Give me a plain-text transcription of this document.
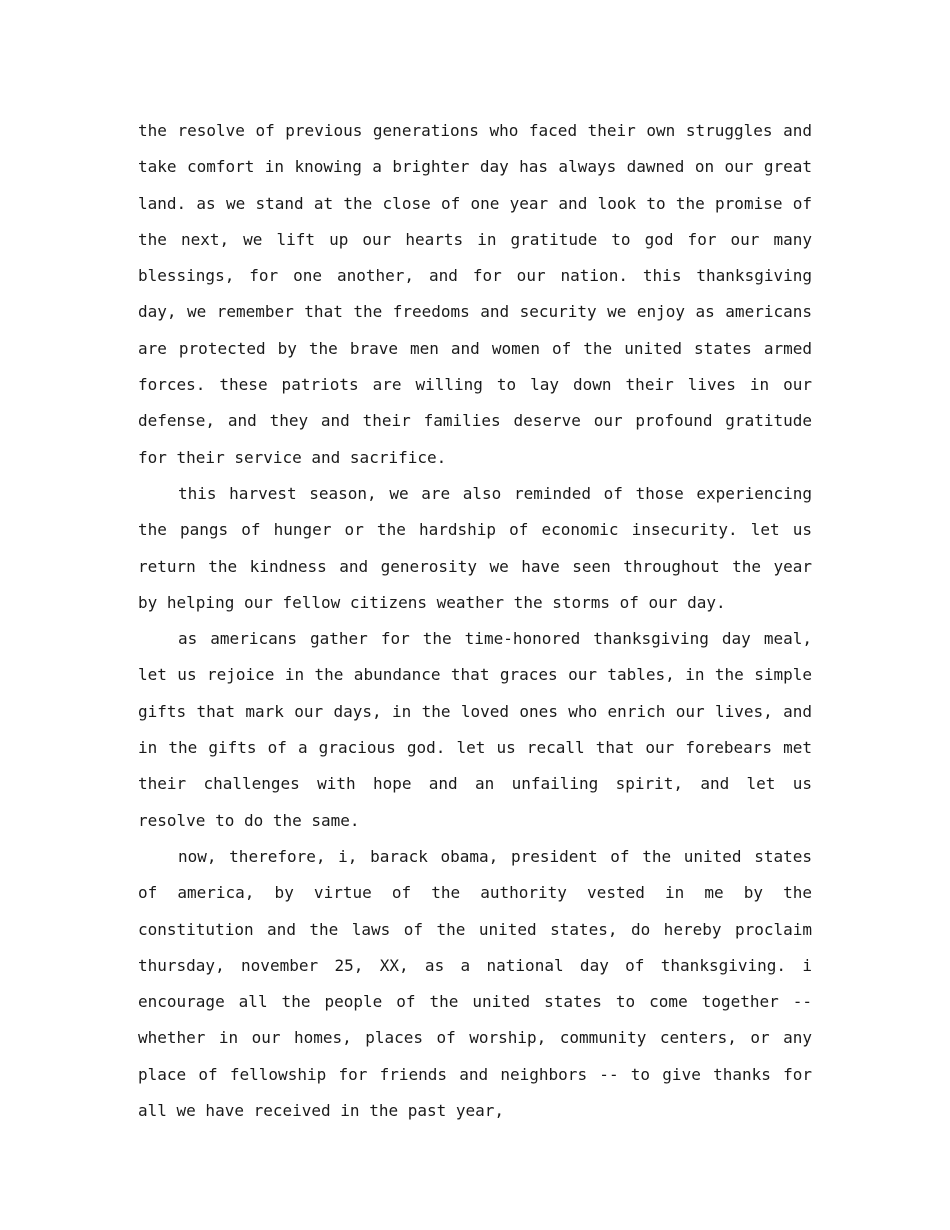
the resolve of previous generations who faced their own struggles and take comfort in knowing a brighter day has always dawned on our great land. as we stand at the close of one year and look to the promise of the next, we lift up our hearts in gratitude to god for our many blessings, for one another, and for our nation. this thanksgiving day, we remember that the freedoms and security we enjoy as americans are protected by the brave men and women of the united states armed forces. these patriots are willing to lay down their lives in our defense, and they and their families deserve our profound gratitude for their service and sacrifice.

this harvest season, we are also reminded of those experiencing the pangs of hunger or the hardship of economic insecurity. let us return the kindness and generosity we have seen throughout the year by helping our fellow citizens weather the storms of our day.

as americans gather for the time-honored thanksgiving day meal, let us rejoice in the abundance that graces our tables, in the simple gifts that mark our days, in the loved ones who enrich our lives, and in the gifts of a gracious god. let us recall that our forebears met their challenges with hope and an unfailing spirit, and let us resolve to do the same.

now, therefore, i, barack obama, president of the united states of america, by virtue of the authority vested in me by the constitution and the laws of the united states, do hereby proclaim thursday, november 25, XX, as a national day of thanksgiving. i encourage all the people of the united states to come together -- whether in our homes, places of worship, community centers, or any place of fellowship for friends and neighbors -- to give thanks for all we have received in the past year,
